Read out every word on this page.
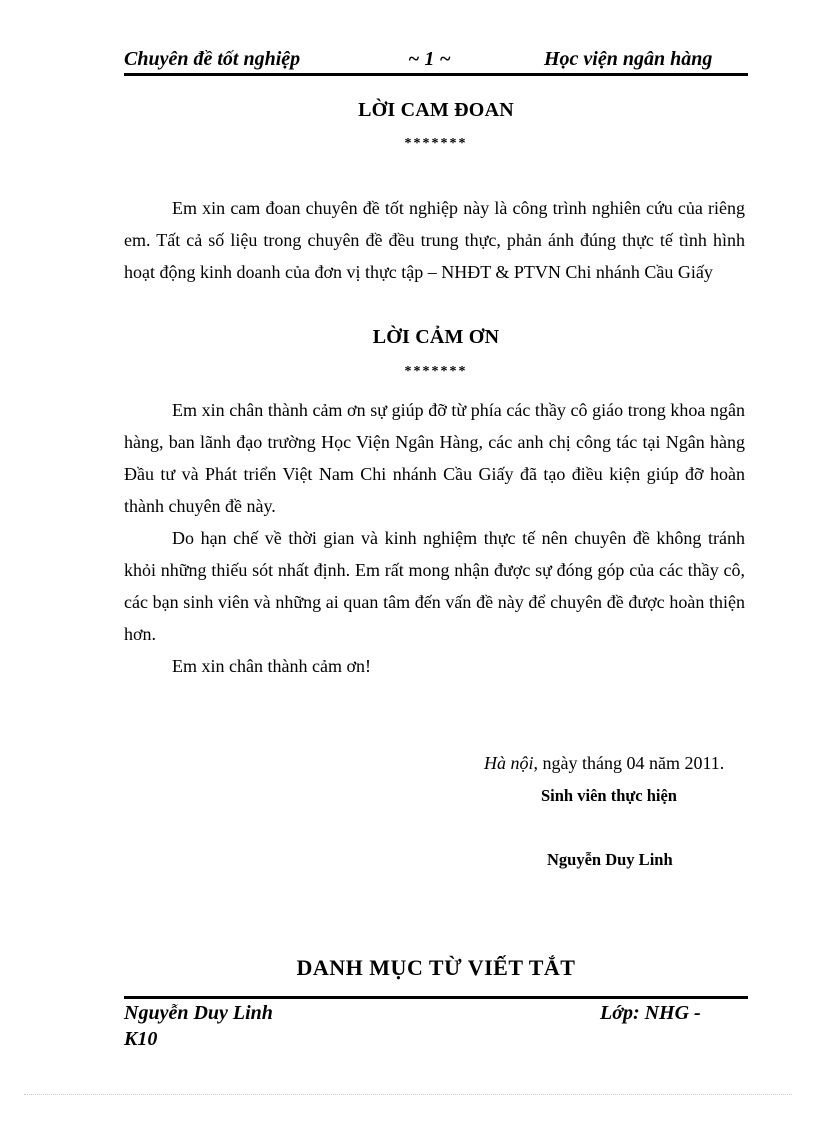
Chuyên đề tốt nghiệp	~ 1 ~	Học viện ngân hàng
LỜI CAM ĐOAN
*******
Em xin cam đoan chuyên đề tốt nghiệp này là công trình nghiên cứu của riêng em. Tất cả số liệu trong chuyên đề đều trung thực, phản ánh đúng thực tế tình hình hoạt động kinh doanh của đơn vị thực tập – NHĐT & PTVN Chi nhánh Cầu Giấy
LỜI CẢM ƠN
*******
Em xin chân thành cảm ơn sự giúp đỡ từ phía các thầy cô giáo trong khoa ngân hàng, ban lãnh đạo trường Học Viện Ngân Hàng, các anh chị công tác tại Ngân hàng Đầu tư và Phát triển Việt Nam Chi nhánh Cầu Giấy đã tạo điều kiện giúp đỡ hoàn thành chuyên đề này.
Do hạn chế về thời gian và kinh nghiệm thực tế nên chuyên đề không tránh khỏi những thiếu sót nhất định. Em rất mong nhận được sự đóng góp của các thầy cô, các bạn sinh viên và những ai quan tâm đến vấn đề này để chuyên đề được hoàn thiện hơn.
Em xin chân thành cảm ơn!
Hà nội, ngày tháng 04 năm 2011.
Sinh viên thực hiện
Nguyễn Duy Linh
DANH MỤC TỪ VIẾT TẮT
Nguyễn Duy Linh	Lớp: NHG -
K10
